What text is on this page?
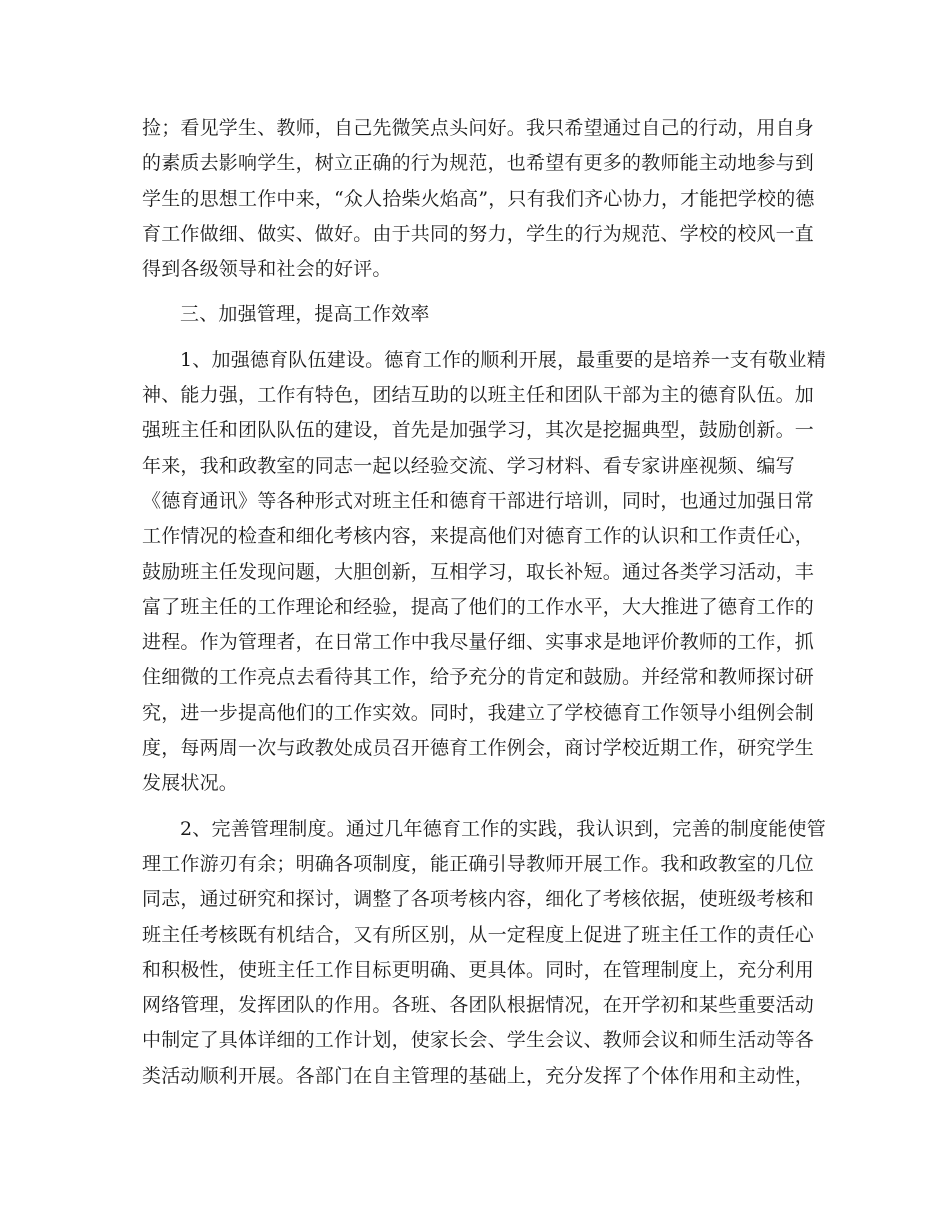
捡；看见学生、教师，自己先微笑点头问好。我只希望通过自己的行动，用自身
的素质去影响学生，树立正确的行为规范，也希望有更多的教师能主动地参与到
学生的思想工作中来，“众人拾柴火焰高”，只有我们齐心协力，才能把学校的德
育工作做细、做实、做好。由于共同的努力，学生的行为规范、学校的校风一直
得到各级领导和社会的好评。
三、加强管理，提高工作效率
1、加强德育队伍建设。德育工作的顺利开展，最重要的是培养一支有敬业精
神、能力强，工作有特色，团结互助的以班主任和团队干部为主的德育队伍。加
强班主任和团队队伍的建设，首先是加强学习，其次是挖掘典型，鼓励创新。一
年来，我和政教室的同志一起以经验交流、学习材料、看专家讲座视频、编写
《德育通讯》等各种形式对班主任和德育干部进行培训，同时，也通过加强日常
工作情况的检查和细化考核内容，来提高他们对德育工作的认识和工作责任心，
鼓励班主任发现问题，大胆创新，互相学习，取长补短。通过各类学习活动，丰
富了班主任的工作理论和经验，提高了他们的工作水平，大大推进了德育工作的
进程。作为管理者，在日常工作中我尽量仔细、实事求是地评价教师的工作，抓
住细微的工作亮点去看待其工作，给予充分的肯定和鼓励。并经常和教师探讨研
究，进一步提高他们的工作实效。同时，我建立了学校德育工作领导小组例会制
度，每两周一次与政教处成员召开德育工作例会，商讨学校近期工作，研究学生
发展状况。
2、完善管理制度。通过几年德育工作的实践，我认识到，完善的制度能使管
理工作游刃有余；明确各项制度，能正确引导教师开展工作。我和政教室的几位
同志，通过研究和探讨，调整了各项考核内容，细化了考核依据，使班级考核和
班主任考核既有机结合，又有所区别，从一定程度上促进了班主任工作的责任心
和积极性，使班主任工作目标更明确、更具体。同时，在管理制度上，充分利用
网络管理，发挥团队的作用。各班、各团队根据情况，在开学初和某些重要活动
中制定了具体详细的工作计划，使家长会、学生会议、教师会议和师生活动等各
类活动顺利开展。各部门在自主管理的基础上，充分发挥了个体作用和主动性，
